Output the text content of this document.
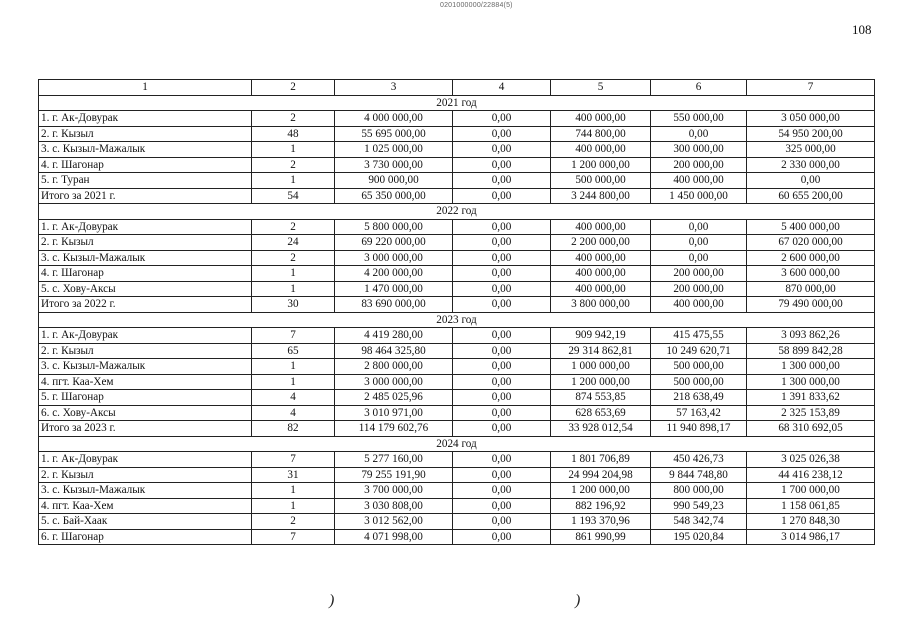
0201000000/22884(5)
108
1	2	3	4	5	6	7
2021 год						
1. г. Ак-Довурак	2	4 000 000,00	0,00	400 000,00	550 000,00	3 050 000,00
2. г. Кызыл	48	55 695 000,00	0,00	744 800,00	0,00	54 950 200,00
3. с. Кызыл-Мажалык	1	1 025 000,00	0,00	400 000,00	300 000,00	325 000,00
4. г. Шагонар	2	3 730 000,00	0,00	1 200 000,00	200 000,00	2 330 000,00
5. г. Туран	1	900 000,00	0,00	500 000,00	400 000,00	0,00
Итого за 2021 г.	54	65 350 000,00	0,00	3 244 800,00	1 450 000,00	60 655 200,00
2022 год						
1. г. Ак-Довурак	2	5 800 000,00	0,00	400 000,00	0,00	5 400 000,00
2. г. Кызыл	24	69 220 000,00	0,00	2 200 000,00	0,00	67 020 000,00
3. с. Кызыл-Мажалык	2	3 000 000,00	0,00	400 000,00	0,00	2 600 000,00
4. г. Шагонар	1	4 200 000,00	0,00	400 000,00	200 000,00	3 600 000,00
5. с. Хову-Аксы	1	1 470 000,00	0,00	400 000,00	200 000,00	870 000,00
Итого за 2022 г.	30	83 690 000,00	0,00	3 800 000,00	400 000,00	79 490 000,00
2023 год						
1. г. Ак-Довурак	7	4 419 280,00	0,00	909 942,19	415 475,55	3 093 862,26
2. г. Кызыл	65	98 464 325,80	0,00	29 314 862,81	10 249 620,71	58 899 842,28
3. с. Кызыл-Мажалык	1	2 800 000,00	0,00	1 000 000,00	500 000,00	1 300 000,00
4. пгт. Каа-Хем	1	3 000 000,00	0,00	1 200 000,00	500 000,00	1 300 000,00
5. г. Шагонар	4	2 485 025,96	0,00	874 553,85	218 638,49	1 391 833,62
6. с. Хову-Аксы	4	3 010 971,00	0,00	628 653,69	57 163,42	2 325 153,89
Итого за 2023 г.	82	114 179 602,76	0,00	33 928 012,54	11 940 898,17	68 310 692,05
2024 год						
1. г. Ак-Довурак	7	5 277 160,00	0,00	1 801 706,89	450 426,73	3 025 026,38
2. г. Кызыл	31	79 255 191,90	0,00	24 994 204,98	9 844 748,80	44 416 238,12
3. с. Кызыл-Мажалык	1	3 700 000,00	0,00	1 200 000,00	800 000,00	1 700 000,00
4. пгт. Каа-Хем	1	3 030 808,00	0,00	882 196,92	990 549,23	1 158 061,85
5. с. Бай-Хаак	2	3 012 562,00	0,00	1 193 370,96	548 342,74	1 270 848,30
6. г. Шагонар	7	4 071 998,00	0,00	861 990,99	195 020,84	3 014 986,17
)	)
